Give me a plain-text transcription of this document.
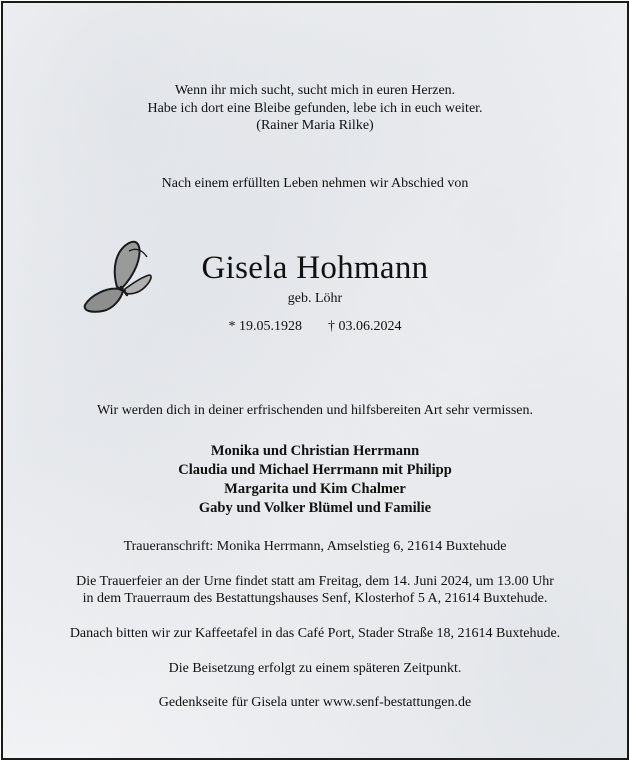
Wenn ihr mich sucht, sucht mich in euren Herzen.
Habe ich dort eine Bleibe gefunden, lebe ich in euch weiter.
(Rainer Maria Rilke)
Nach einem erfüllten Leben nehmen wir Abschied von
Gisela Hohmann
geb. Löhr
* 19.05.1928 † 03.06.2024
Wir werden dich in deiner erfrischenden und hilfsbereiten Art sehr vermissen.
Monika und Christian Herrmann
Claudia und Michael Herrmann mit Philipp
Margarita und Kim Chalmer
Gaby und Volker Blümel und Familie
Traueranschrift: Monika Herrmann, Amselstieg 6, 21614 Buxtehude
Die Trauerfeier an der Urne findet statt am Freitag, dem 14. Juni 2024, um 13.00 Uhr
in dem Trauerraum des Bestattungshauses Senf, Klosterhof 5 A, 21614 Buxtehude.
Danach bitten wir zur Kaffeetafel in das Café Port, Stader Straße 18, 21614 Buxtehude.
Die Beisetzung erfolgt zu einem späteren Zeitpunkt.
Gedenkseite für Gisela unter www.senf-bestattungen.de
